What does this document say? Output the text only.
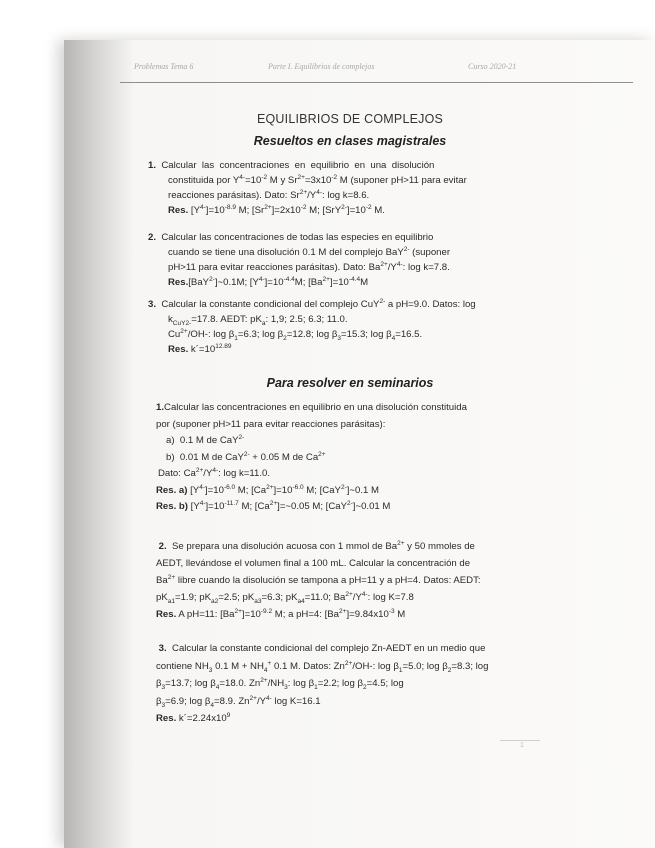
Problemas Tema 6	Parte I. Equilibrios de complejos	Curso 2020-21
EQUILIBRIOS DE COMPLEJOS
Resueltos en clases magistrales
1.  Calcular  las  concentraciones  en  equilibrio  en  una  disolución
constituida por $Y^{4-}=10^{-2}$ M y $Sr^{2+}=3x10^{-2}$ M (suponer pH>11 para evitar
reacciones parásitas). Dato: $Sr^{2+}/Y^{4-}$: log k=8.6.
Res. $[Y^{4-}]=10^{-8.9}$ M; $[Sr^{2+}]=2x10^{-2}$ M; $[SrY^{2-}]=10^{-2}$ M.
2.  Calcular las concentraciones de todas las especies en equilibrio
cuando se tiene una disolución 0.1 M del complejo BaY$^{2-}$ (suponer
pH>11 para evitar reacciones parásitas). Dato: $Ba^{2+}/Y^{4-}$: log k=7.8.
Res.[BaY$^{2-}$]~0.1M; $[Y^{4-}]=10^{-4.4}M$; $[Ba^{2+}]=10^{-4.4}M$
3.  Calcular la constante condicional del complejo CuY$^{2-}$ a pH=9.0. Datos: log
$k_{CuY2-}=17.8$. AEDT: $pK_a$: 1,9; 2.5; 6.3; 11.0.
$Cu^{2+}/OH-$: $\log \beta_1=6.3$; $\log \beta_2=12.8$; $\log \beta_3=15.3$; $\log \beta_4=16.5$.
Res. $k´=10^{12.89}$
Para resolver en seminarios
1.Calcular las concentraciones en equilibrio en una disolución constituida
por (suponer pH>11 para evitar reacciones parásitas):
a)  0.1 M de CaY$^{2-}$
b)  0.01 M de CaY$^{2-}$ + 0.05 M de $Ca^{2+}$
Dato: $Ca^{2+}/Y^{4-}$: log k=11.0.
Res. a) $[Y^{4-}]=10^{-6.0}$ M; $[Ca^{2+}]=10^{-6.0}$ M; [CaY$^{2-}$]~0.1 M
Res. b) $[Y^{4-}]=10^{-11.7}$ M; $[Ca^{2+}]=\sim 0.05$ M; [CaY$^{2-}$]~0.01 M
2.  Se prepara una disolución acuosa con 1 mmol de $Ba^{2+}$ y 50 mmoles de
AEDT, llevándose el volumen final a 100 mL. Calcular la concentración de
$Ba^{2+}$ libre cuando la disolución se tampona a pH=11 y a pH=4. Datos: AEDT:
$pK_{a1}=1.9$; $pK_{a2}=2.5$; $pK_{a3}=6.3$; $pK_{a4}=11.0$; $Ba^{2+}/Y^{4-}$: log K=7.8
Res. A pH=11: $[Ba^{2+}]=10^{-9.2}$ M; a pH=4: $[Ba^{2+}]=9.84x10^{-3}$ M
3.  Calcular la constante condicional del complejo Zn-AEDT en un medio que
contiene $NH_3$ 0.1 $M + NH_4^+$ 0.1 M. Datos: $Zn^{2+}/OH-$: $\log \beta_1=5.0$; $\log \beta_2=8.3$; log
$\beta_3=13.7$; $\log \beta_4=18.0$. $Zn^{2+}/NH_3$: $\log \beta_1=2.2$; $\log \beta_2=4.5$; log
$\beta_3=6.9$; $\log \beta_4=8.9$. $Zn^{2+}/Y^{4-}$ log K=16.1
Res. $k´=2.24x10^9$
1
